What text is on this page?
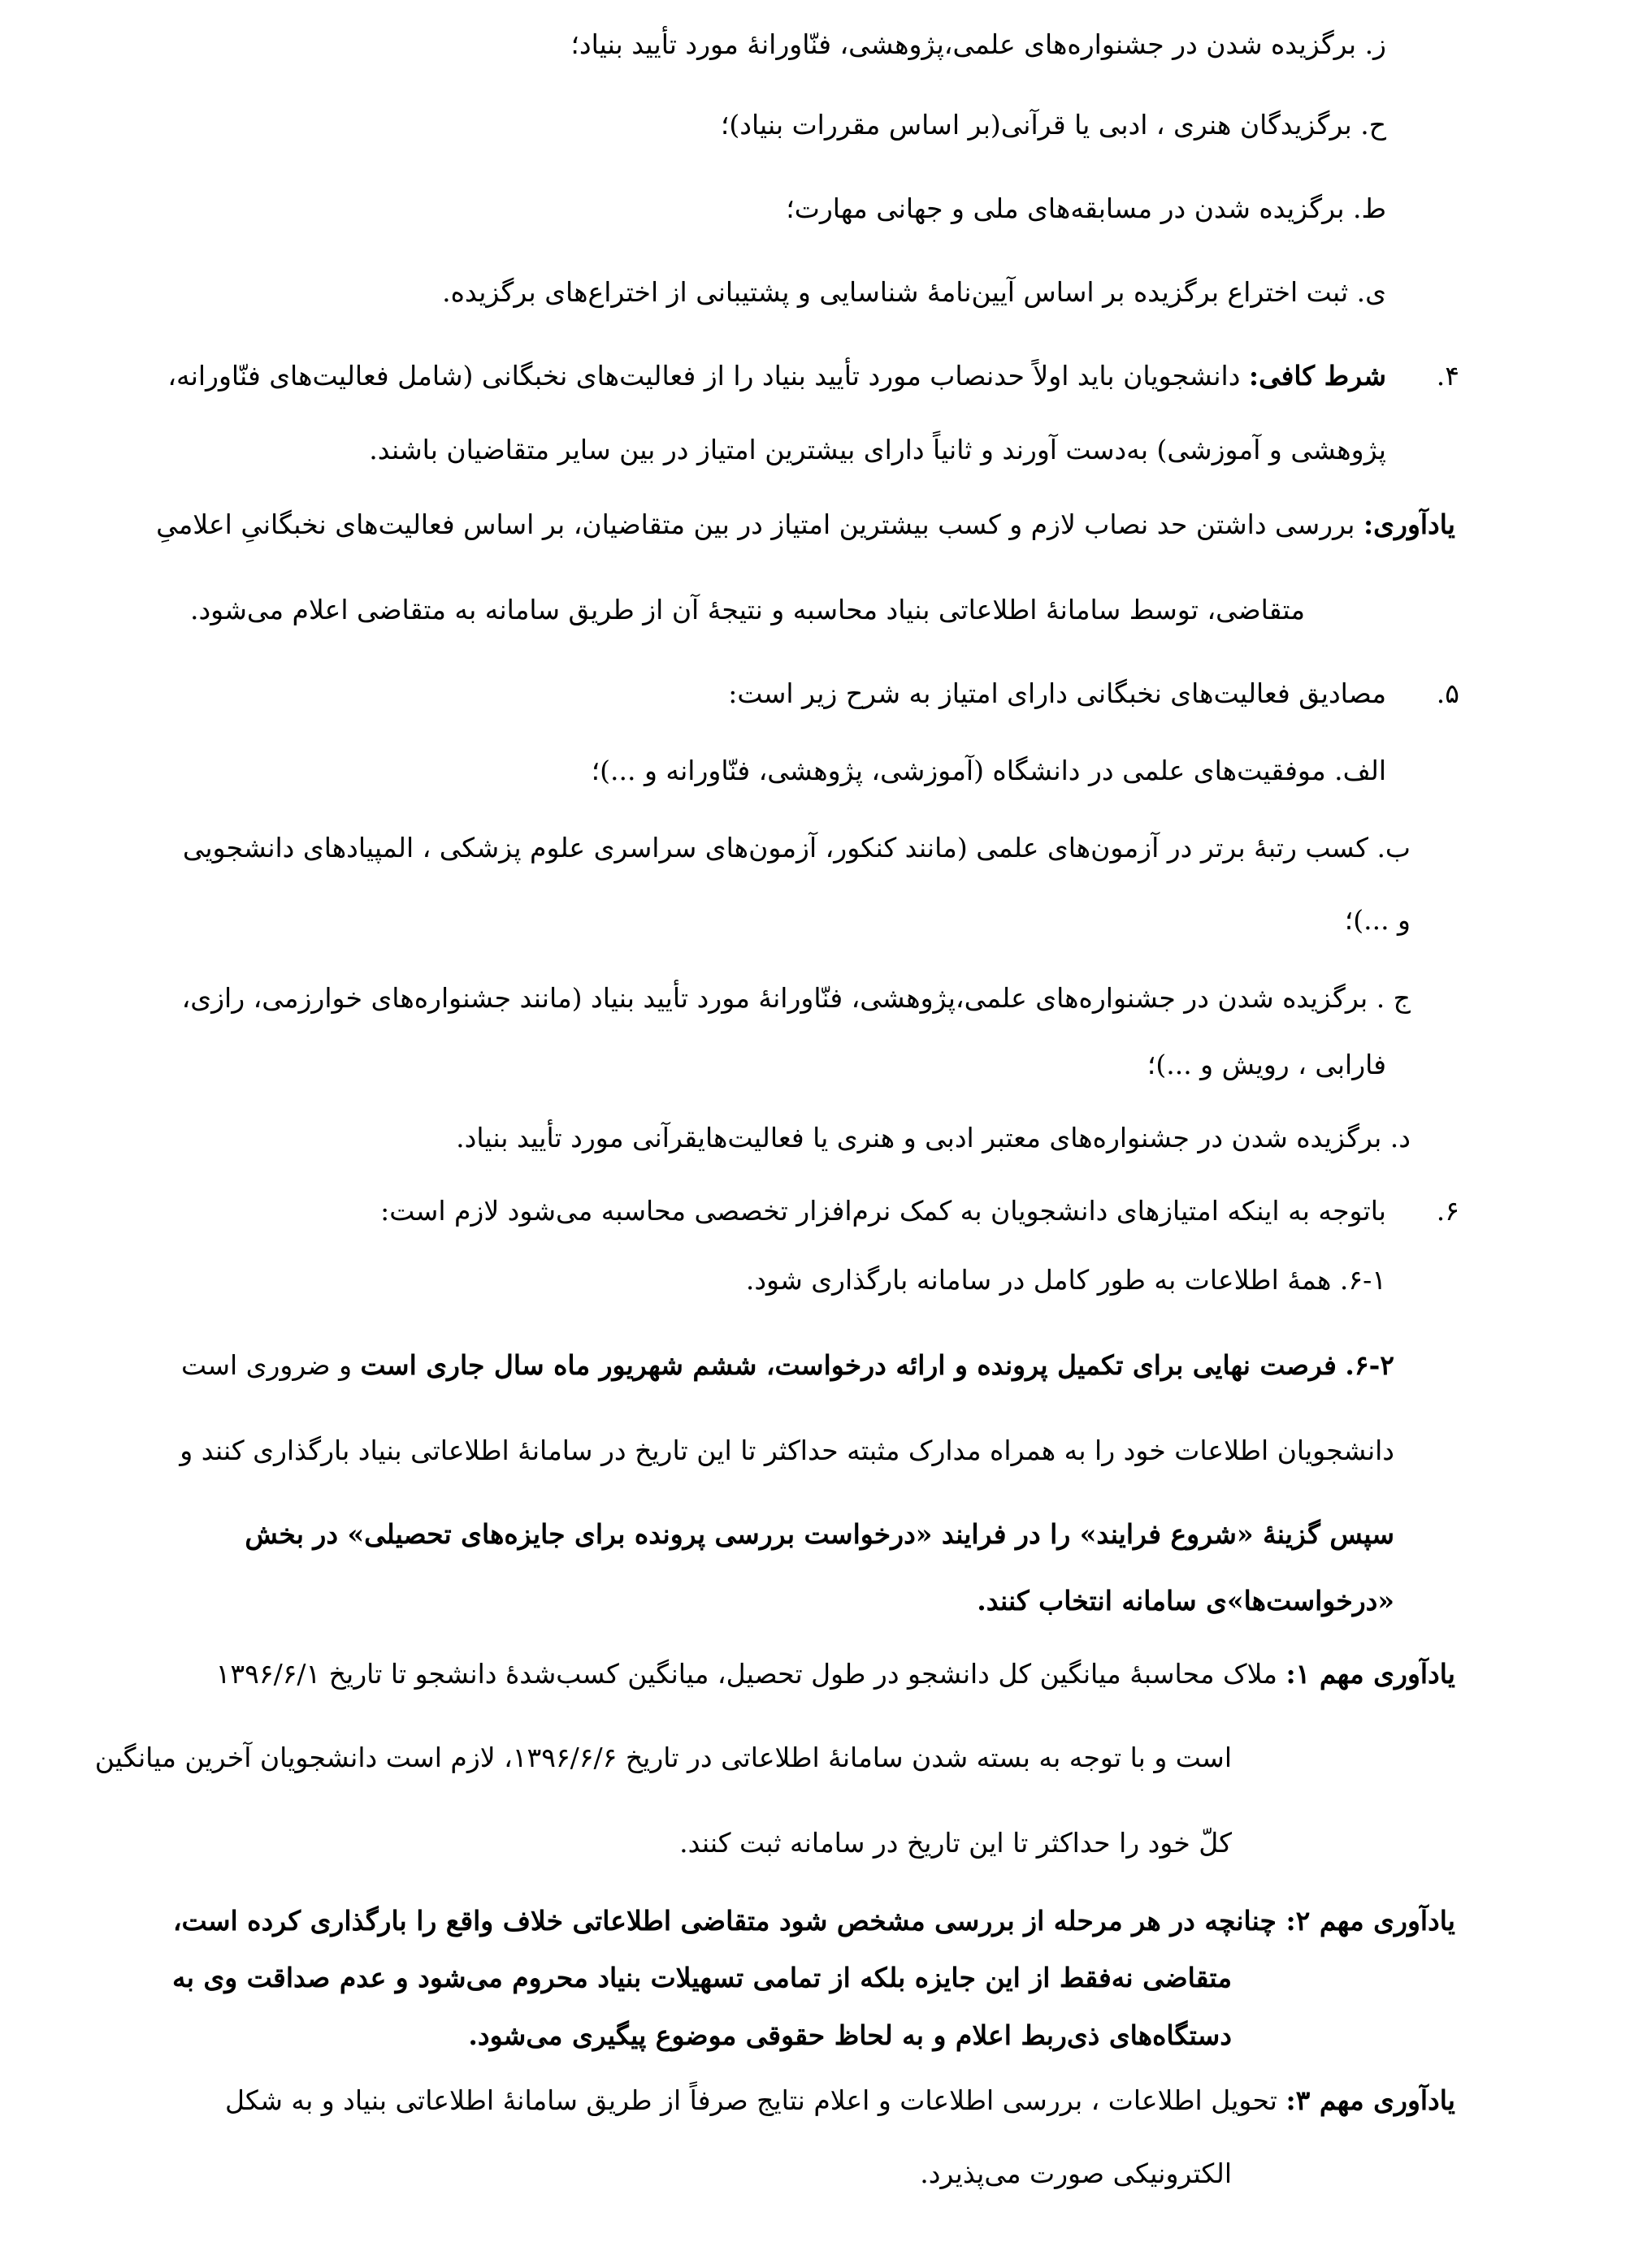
ز. برگزیده شدن در جشنواره‌های علمی،پژوهشی، فنّاورانهٔ مورد تأیید بنیاد؛
ح. برگزیدگان هنری ، ادبی یا قرآنی(بر اساس مقررات بنیاد)؛
ط. برگزیده شدن در مسابقه‌های ملی و جهانی مهارت؛
ی. ثبت اختراع برگزیده بر اساس آیین‌نامهٔ شناسایی و پشتیبانی از اختراع‌های برگزیده.
.۴
شرط کافی: دانشجویان باید اولاً حدنصاب مورد تأیید بنیاد را از فعالیت‌های نخبگانی (شامل فعالیت‌های فنّاورانه،
پژوهشی و آموزشی) به‌دست آورند و ثانیاً دارای بیشترین امتیاز در بین سایر متقاضیان باشند.
یادآوری: بررسی داشتن حد نصاب لازم و کسب بیشترین امتیاز در بین متقاضیان، بر اساس فعالیت‌های نخبگانیِ اعلامیِ
متقاضی، توسط سامانهٔ اطلاعاتی بنیاد محاسبه و نتیجهٔ آن از طریق سامانه به متقاضی اعلام می‌شود.
.۵
مصادیق فعالیت‌های نخبگانی دارای امتیاز به شرح زیر است:
الف. موفقیت‌های علمی در دانشگاه (آموزشی، پژوهشی، فنّاورانه و ...)؛
ب. کسب رتبهٔ برتر در آزمون‌های علمی (مانند کنکور، آزمون‌های سراسری علوم پزشکی ، المپیادهای دانشجویی
و ...)؛
ج . برگزیده شدن در جشنواره‌های علمی،پژوهشی، فنّاورانهٔ مورد تأیید بنیاد (مانند جشنواره‌های خوارزمی، رازی،
فارابی ، رویش و ...)؛
د. برگزیده شدن در جشنواره‌های معتبر ادبی و هنری یا فعالیت‌هایقرآنی مورد تأیید بنیاد.
.۶
باتوجه به اینکه امتیازهای دانشجویان به کمک نرم‌افزار تخصصی محاسبه می‌شود لازم است:
۶-۱. همهٔ اطلاعات به طور کامل در سامانه بارگذاری شود.
۶-۲. فرصت نهایی برای تکمیل پرونده و ارائه درخواست، ششم شهریور ماه سال جاری است و ضروری است
دانشجویان اطلاعات خود را به همراه مدارک مثبته حداکثر تا این تاریخ در سامانهٔ اطلاعاتی بنیاد بارگذاری کنند و
سپس گزینهٔ «شروع فرایند» را در فرایند «درخواست بررسی پرونده برای جایزه‌های تحصیلی» در بخش
«درخواست‌ها»ی سامانه انتخاب کنند.
یادآوری مهم ۱: ملاک محاسبهٔ میانگین کل دانشجو در طول تحصیل، میانگین کسب‌شدهٔ دانشجو تا تاریخ ۱۳۹۶/۶/۱
است و با توجه به بسته شدن سامانهٔ اطلاعاتی در تاریخ ۱۳۹۶/۶/۶، لازم است دانشجویان آخرین میانگین
کلّ خود را حداکثر تا این تاریخ در سامانه ثبت کنند.
یادآوری مهم ۲: چنانچه در هر مرحله از بررسی مشخص شود متقاضی اطلاعاتی خلاف واقع را بارگذاری کرده است،
متقاضی نه‌فقط از این جایزه بلکه از تمامی تسهیلات بنیاد محروم می‌شود و عدم صداقت وی به
دستگاه‌های ذی‌ربط اعلام و به لحاظ حقوقی موضوع پیگیری می‌شود.
یادآوری مهم ۳: تحویل اطلاعات ، بررسی اطلاعات و اعلام نتایج صرفاً از طریق سامانهٔ اطلاعاتی بنیاد و به شکل
الکترونیکی صورت می‌پذیرد.
